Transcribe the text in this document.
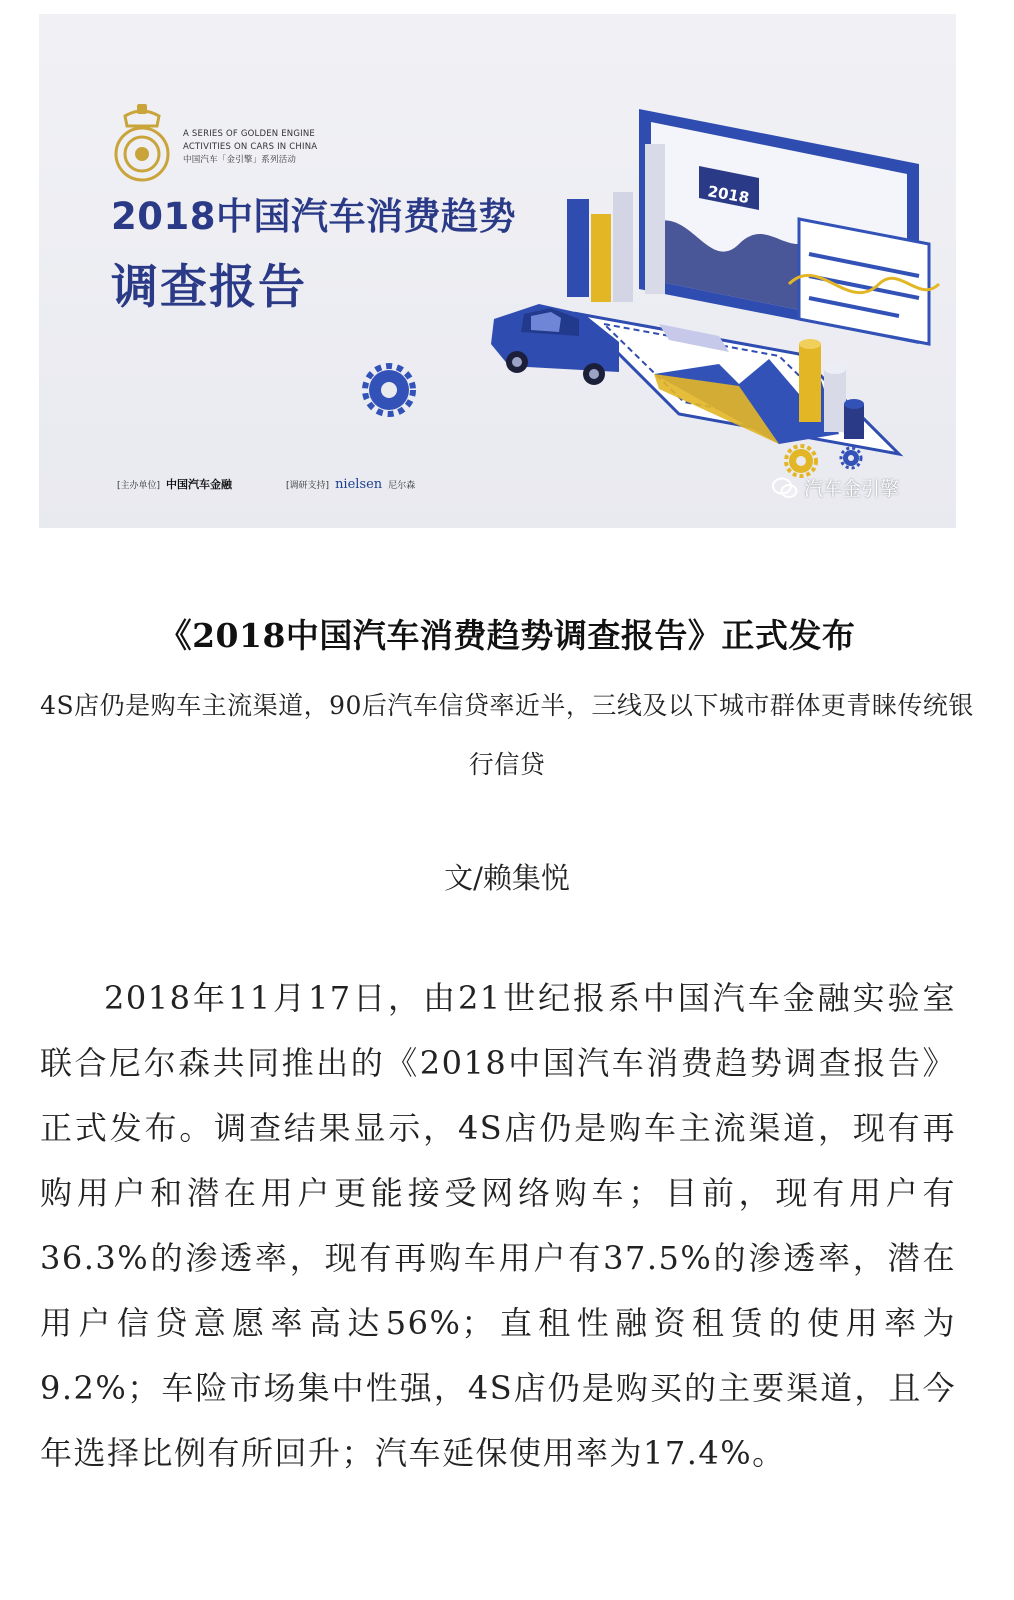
2018
A SERIES OF GOLDEN ENGINE
ACTIVITIES ON CARS IN CHINA
中国汽车「金引擎」系列活动
2018中国汽车消费趋势
调查报告
[主办单位] 中国汽车金融	[调研支持] nielsen 尼尔森	汽车金引擎
《2018中国汽车消费趋势调查报告》正式发布
4S店仍是购车主流渠道，90后汽车信贷率近半，三线及以下城市群体更青睐传统银行信贷
文/赖集悦

2018年11月17日，由21世纪报系中国汽车金融实验室联合尼尔森共同推出的《2018中国汽车消费趋势调查报告》正式发布。调查结果显示，4S店仍是购车主流渠道，现有再购用户和潜在用户更能接受网络购车；目前，现有用户有36.3%的渗透率，现有再购车用户有37.5%的渗透率，潜在用户信贷意愿率高达56%；直租性融资租赁的使用率为9.2%；车险市场集中性强，4S店仍是购买的主要渠道，且今年选择比例有所回升；汽车延保使用率为17.4%。
